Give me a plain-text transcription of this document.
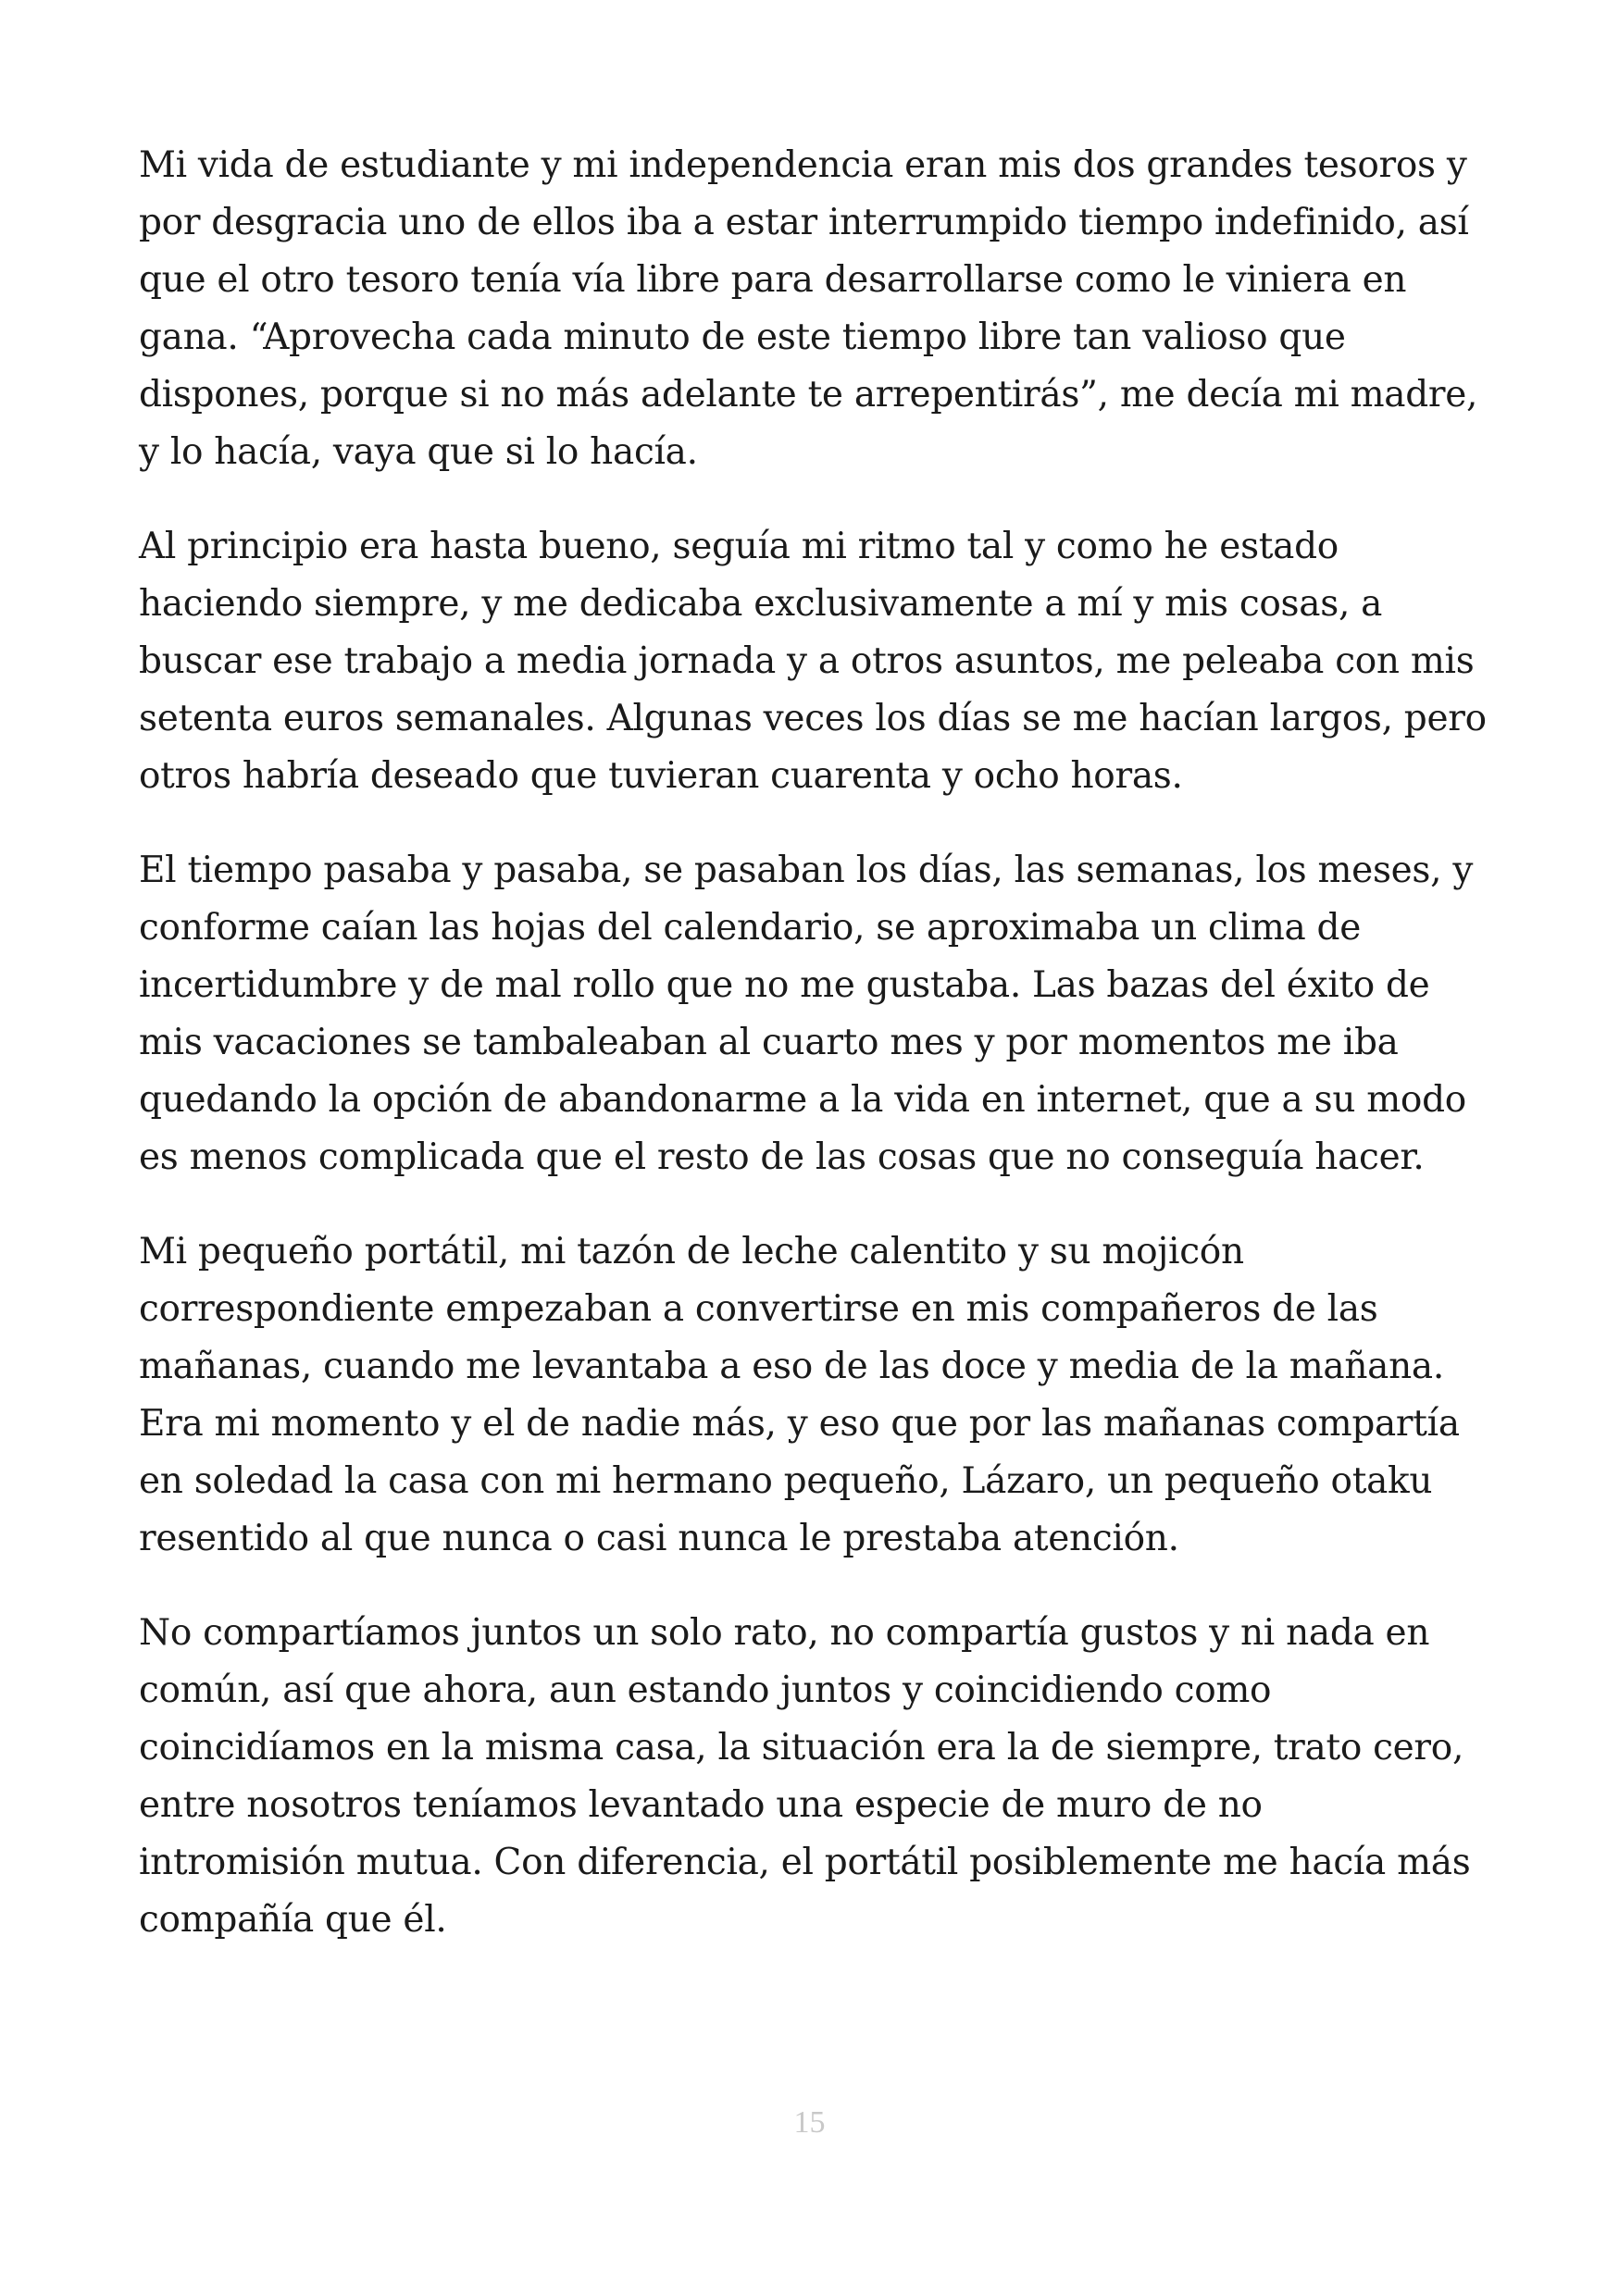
Mi vida de estudiante y mi independencia eran mis dos grandes tesoros y
por desgracia uno de ellos iba a estar interrumpido tiempo indefinido, así
que el otro tesoro tenía vía libre para desarrollarse como le viniera en
gana. “Aprovecha cada minuto de este tiempo libre tan valioso que
dispones, porque si no más adelante te arrepentirás”, me decía mi madre,
y lo hacía, vaya que si lo hacía.

Al principio era hasta bueno, seguía mi ritmo tal y como he estado
haciendo siempre, y me dedicaba exclusivamente a mí y mis cosas, a
buscar ese trabajo a media jornada y a otros asuntos, me peleaba con mis
setenta euros semanales. Algunas veces los días se me hacían largos, pero
otros habría deseado que tuvieran cuarenta y ocho horas.

El tiempo pasaba y pasaba, se pasaban los días, las semanas, los meses, y
conforme caían las hojas del calendario, se aproximaba un clima de
incertidumbre y de mal rollo que no me gustaba. Las bazas del éxito de
mis vacaciones se tambaleaban al cuarto mes y por momentos me iba
quedando la opción de abandonarme a la vida en internet, que a su modo
es menos complicada que el resto de las cosas que no conseguía hacer.

Mi pequeño portátil, mi tazón de leche calentito y su mojicón
correspondiente empezaban a convertirse en mis compañeros de las
mañanas, cuando me levantaba a eso de las doce y media de la mañana.
Era mi momento y el de nadie más, y eso que por las mañanas compartía
en soledad la casa con mi hermano pequeño, Lázaro, un pequeño otaku
resentido al que nunca o casi nunca le prestaba atención.

No compartíamos juntos un solo rato, no compartía gustos y ni nada en
común, así que ahora, aun estando juntos y coincidiendo como
coincidíamos en la misma casa, la situación era la de siempre, trato cero,
entre nosotros teníamos levantado una especie de muro de no
intromisión mutua. Con diferencia, el portátil posiblemente me hacía más
compañía que él.

15
